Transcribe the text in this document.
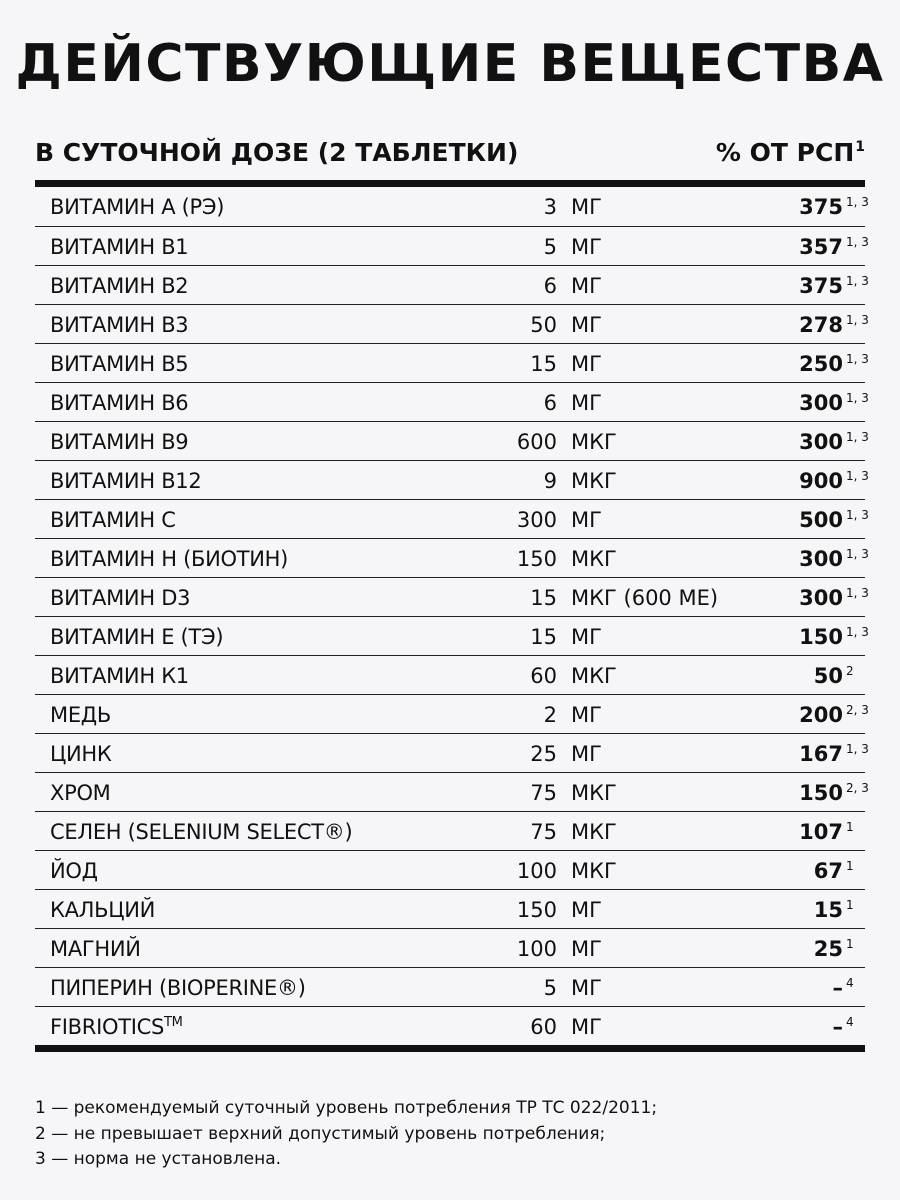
ДЕЙСТВУЮЩИЕ ВЕЩЕСТВА
В СУТОЧНОЙ ДОЗЕ (2 ТАБЛЕТКИ)	% ОТ РСП$^1$
ВИТАМИН А (РЭ)	3 МГ	375 1, 3
ВИТАМИН В1	5 МГ	357 1, 3
ВИТАМИН В2	6 МГ	375 1, 3
ВИТАМИН В3	50 МГ	278 1, 3
ВИТАМИН В5	15 МГ	250 1, 3
ВИТАМИН В6	6 МГ	300 1, 3
ВИТАМИН В9	600 МКГ	300 1, 3
ВИТАМИН В12	9 МКГ	900 1, 3
ВИТАМИН С	300 МГ	500 1, 3
ВИТАМИН Н (БИОТИН)	150 МКГ	300 1, 3
ВИТАМИН D3	15 МКГ (600 МЕ)	300 1, 3
ВИТАМИН Е (ТЭ)	15 МГ	150 1, 3
ВИТАМИН К1	60 МКГ	50 2
МЕДЬ	2 МГ	200 2, 3
ЦИНК	25 МГ	167 1, 3
ХРОМ	75 МКГ	150 2, 3
СЕЛЕН (SELENIUM SELECT®)	75 МКГ	107 1
ЙОД	100 МКГ	67 1
КАЛЬЦИЙ	150 МГ	15 1
МАГНИЙ	100 МГ	25 1
ПИПЕРИН (BIOPERINE®)	5 МГ	– 4
FIBRIOTICS™	60 МГ	– 4
1 — рекомендуемый суточный уровень потребления ТР ТС 022/2011;
2 — не превышает верхний допустимый уровень потребления;
3 — норма не установлена.
